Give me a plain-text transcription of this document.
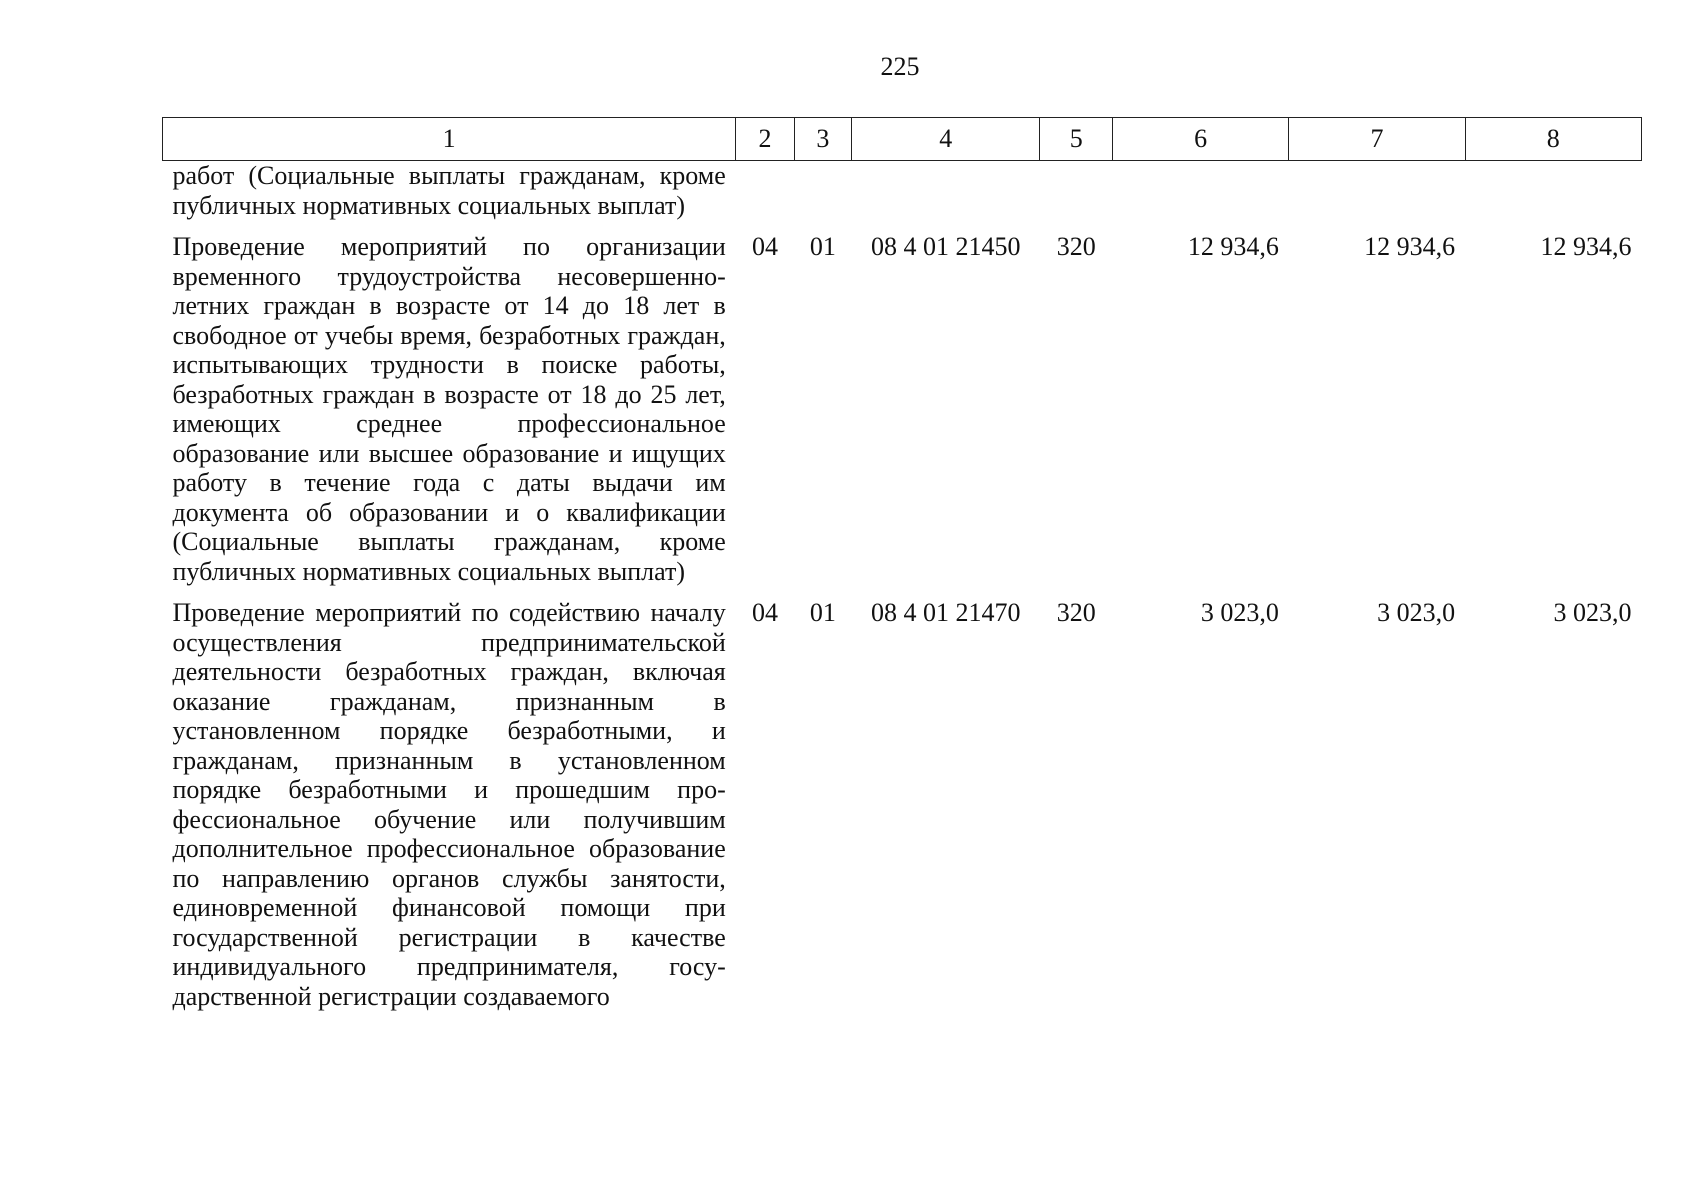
225
1	2	3	4	5	6	7	8
работ (Социальные выплаты гражданам, кроме публичных нормативных социальных выплат)							
Проведение мероприятий по организации временного трудоустройства несовершеннолетних граждан в возрасте от 14 до 18 лет в свободное от учебы время, безработных граждан, испытывающих трудности в поиске работы, безработных граждан в возрасте от 18 до 25 лет, имеющих среднее профессиональное образование или высшее образование и ищущих работу в течение года с даты выдачи им документа об образовании и о квалификации (Социальные выплаты гражданам, кроме публичных нормативных социальных выплат)	04	01	08 4 01 21450	320	12 934,6	12 934,6	12 934,6
Проведение мероприятий по содействию началу осуществления предпринимательской деятельности безработных граждан, включая оказание гражданам, признанным в установленном порядке безработными, и гражданам, признанным в установленном порядке безработными и прошедшим профессиональное обучение или получившим дополнительное профессиональное образование по направлению органов службы занятости, единовременной финансовой помощи при государственной регистрации в качестве индивидуального предпринимателя, государственной регистрации создаваемого	04	01	08 4 01 21470	320	3 023,0	3 023,0	3 023,0
